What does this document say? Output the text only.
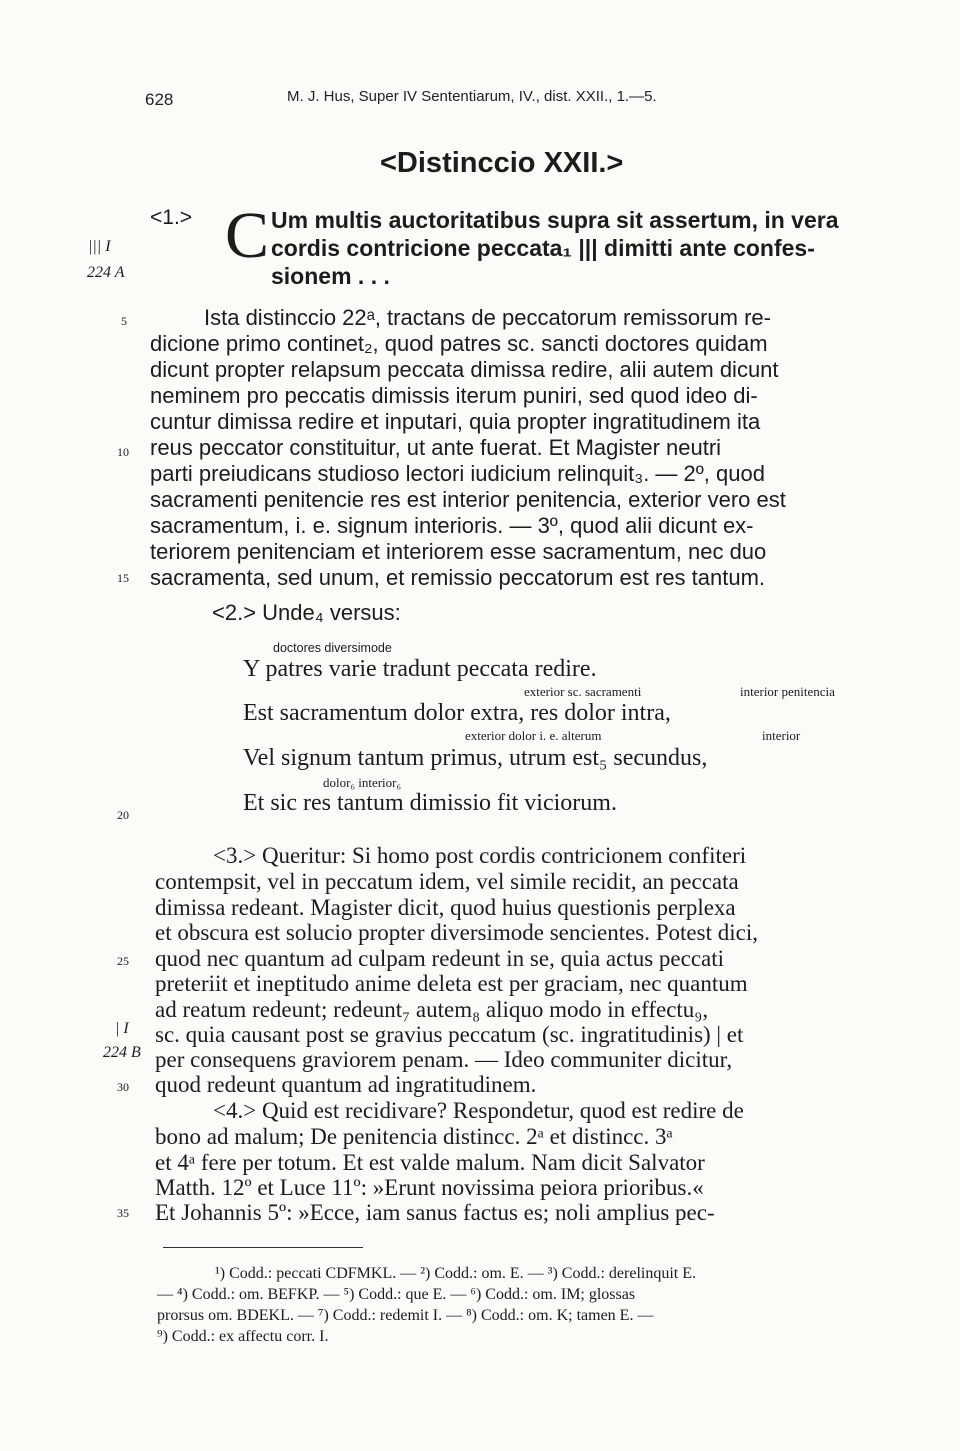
628	M. J. Hus, Super IV Sententiarum, IV., dist. XXII., 1.—5.
<Distinccio XXII.>
<1.> C Um multis auctoritatibus supra sit assertum, in vera
cordis contricione peccata₁ ||| dimitti ante confes-
sionem . . .
||| I
224 A
| I
224 B
5
10
15
20
25
30
35
Ista distinccio 22ᵃ, tractans de peccatorum remissorum re-
dicione primo continet₂, quod patres sc. sancti doctores quidam
dicunt propter relapsum peccata dimissa redire, alii autem dicunt
neminem pro peccatis dimissis iterum puniri, sed quod ideo di-
cuntur dimissa redire et inputari, quia propter ingratitudinem ita
reus peccator constituitur, ut ante fuerat. Et Magister neutri
parti preiudicans studioso lectori iudicium relinquit₃. — 2º, quod
sacramenti penitencie res est interior penitencia, exterior vero est
sacramentum, i. e. signum interioris. — 3º, quod alii dicunt ex-
teriorem penitenciam et interiorem esse sacramentum, nec duo
sacramenta, sed unum, et remissio peccatorum est res tantum.
<2.> Unde₄ versus:
doctores diversimode
Y patres varie tradunt peccata redire.
exterior sc. sacramenti	interior penitencia
Est sacramentum dolor extra, res dolor intra,
exterior dolor i. e. alterum	interior
Vel signum tantum primus, utrum est₅ secundus,
dolor₆ interior₆
Et sic res tantum dimissio fit viciorum.
<3.> Queritur: Si homo post cordis contricionem confiteri
contempsit, vel in peccatum idem, vel simile recidit, an peccata
dimissa redeant. Magister dicit, quod huius questionis perplexa
et obscura est solucio propter diversimode sencientes. Potest dici,
quod nec quantum ad culpam redeunt in se, quia actus peccati
preteriit et ineptitudo anime deleta est per graciam, nec quantum
ad reatum redeunt; redeunt₇ autem₈ aliquo modo in effectu₉,
sc. quia causant post se gravius peccatum (sc. ingratitudinis) | et
per consequens graviorem penam. — Ideo communiter dicitur,
quod redeunt quantum ad ingratitudinem.
<4.> Quid est recidivare? Respondetur, quod est redire de
bono ad malum; De penitencia distincc. 2ᵃ et distincc. 3ᵃ
et 4ᵃ fere per totum. Et est valde malum. Nam dicit Salvator
Matth. 12º et Luce 11º: »Erunt novissima peiora prioribus.«
Et Johannis 5º: »Ecce, iam sanus factus es; noli amplius pec-
¹) Codd.: peccati CDFMKL. — ²) Codd.: om. E. — ³) Codd.: derelinquit E.
— ⁴) Codd.: om. BEFKP. — ⁵) Codd.: que E. — ⁶) Codd.: om. IM; glossas
prorsus om. BDEKL. — ⁷) Codd.: redemit I. — ⁸) Codd.: om. K; tamen E. —
⁹) Codd.: ex affectu corr. I.
